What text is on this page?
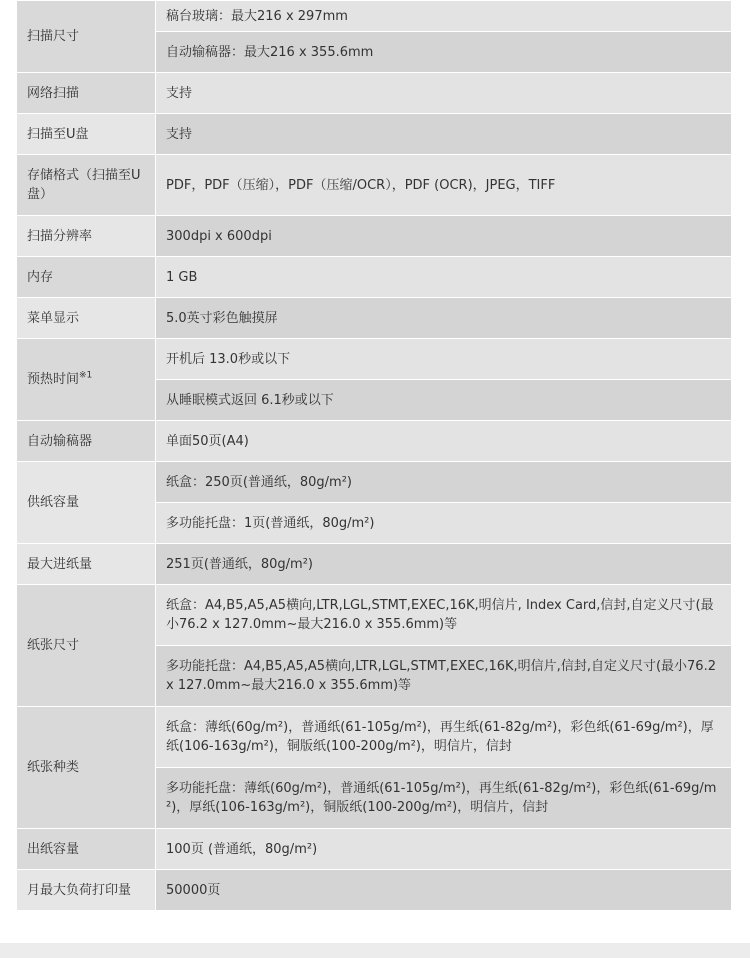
扫描尺寸	稿台玻璃：最大216 x 297mm
	自动输稿器：最大216 x 355.6mm
网络扫描	支持
扫描至U盘	支持
存储格式（扫描至U盘）	PDF，PDF（压缩），PDF（压缩/OCR），PDF (OCR)，JPEG，TIFF
扫描分辨率	300dpi x 600dpi
内存	1 GB
菜单显示	5.0英寸彩色触摸屏
预热时间$^{※1}$	开机后 13.0秒或以下
	从睡眠模式返回 6.1秒或以下
自动输稿器	单面50页(A4)
供纸容量	纸盒：250页(普通纸，80g/m²)
	多功能托盘：1页(普通纸，80g/m²)
最大进纸量	251页(普通纸，80g/m²)
纸张尺寸	纸盒：A4,B5,A5,A5横向,LTR,LGL,STMT,EXEC,16K,明信片, Index Card,信封,自定义尺寸(最小76.2 x 127.0mm~最大216.0 x 355.6mm)等
	多功能托盘：A4,B5,A5,A5横向,LTR,LGL,STMT,EXEC,16K,明信片,信封,自定义尺寸(最小76.2 x 127.0mm~最大216.0 x 355.6mm)等
纸张种类	纸盒：薄纸(60g/m²)，普通纸(61-105g/m²)，再生纸(61-82g/m²)，彩色纸(61-69g/m²)，厚纸(106-163g/m²)，铜版纸(100-200g/m²)，明信片，信封
	多功能托盘：薄纸(60g/m²)，普通纸(61-105g/m²)，再生纸(61-82g/m²)，彩色纸(61-69g/m²)，厚纸(106-163g/m²)，铜版纸(100-200g/m²)，明信片，信封
出纸容量	100页 (普通纸，80g/m²)
月最大负荷打印量	50000页
